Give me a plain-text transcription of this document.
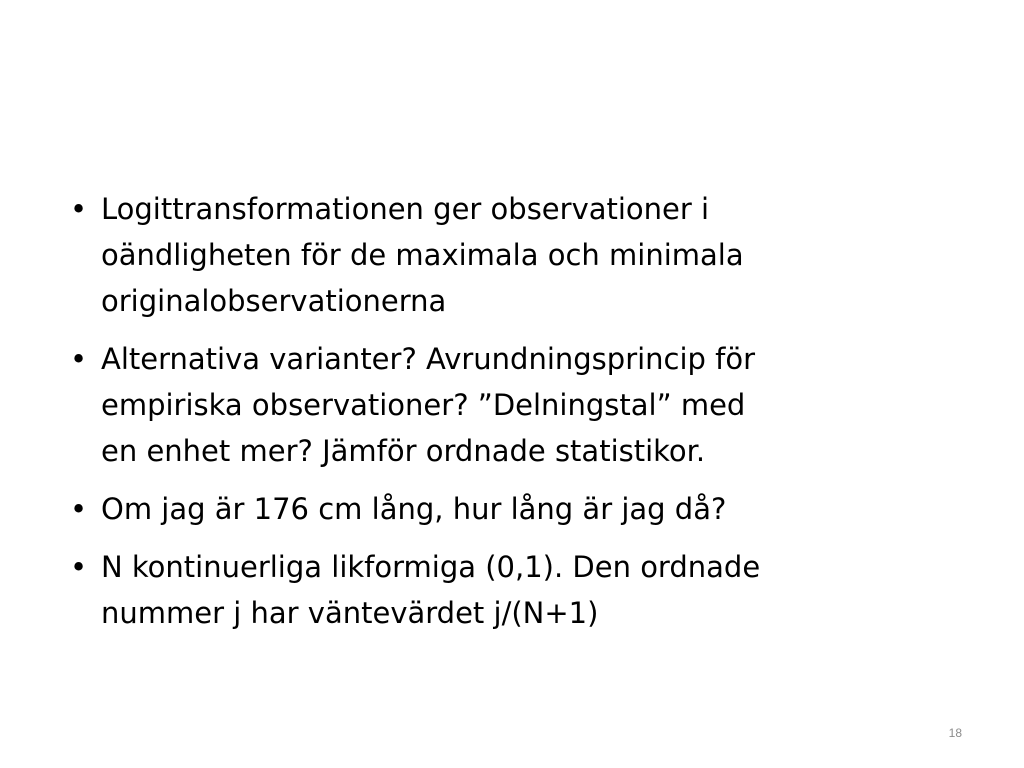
• Logittransformationen ger observationer i
oändligheten för de maximala och minimala
originalobservationerna
• Alternativa varianter? Avrundningsprincip för
empiriska observationer? ”Delningstal” med
en enhet mer? Jämför ordnade statistikor.
• Om jag är 176 cm lång, hur lång är jag då?
• N kontinuerliga likformiga (0,1). Den ordnade
nummer j har väntevärdet j/(N+1)
18
